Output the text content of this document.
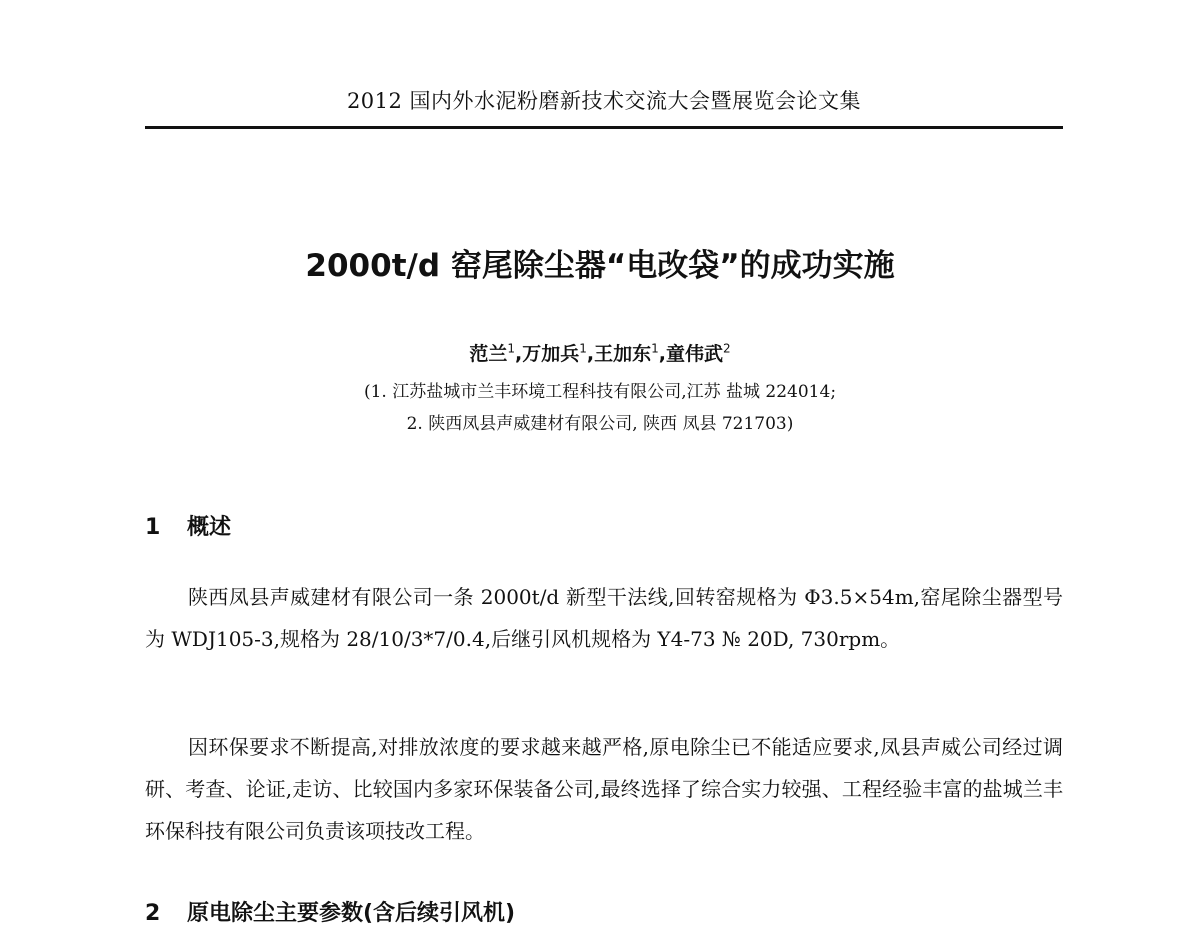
2012 国内外水泥粉磨新技术交流大会暨展览会论文集
2000t/d 窑尾除尘器“电改袋”的成功实施
范兰$^1$,万加兵$^1$,王加东$^1$,童伟武$^2$
(1. 江苏盐城市兰丰环境工程科技有限公司,江苏 盐城 224014;
2. 陕西凤县声威建材有限公司, 陕西 凤县 721703)
1 概述

陕西凤县声威建材有限公司一条 2000t/d 新型干法线,回转窑规格为 Φ3.5×54m,窑尾除尘器型号为 WDJ105-3,规格为 28/10/3*7/0.4,后继引风机规格为 Y4-73 № 20D, 730rpm。

因环保要求不断提高,对排放浓度的要求越来越严格,原电除尘已不能适应要求,凤县声威公司经过调研、考查、论证,走访、比较国内多家环保装备公司,最终选择了综合实力较强、工程经验丰富的盐城兰丰环保科技有限公司负责该项技改工程。

2 原电除尘主要参数(含后续引风机)
